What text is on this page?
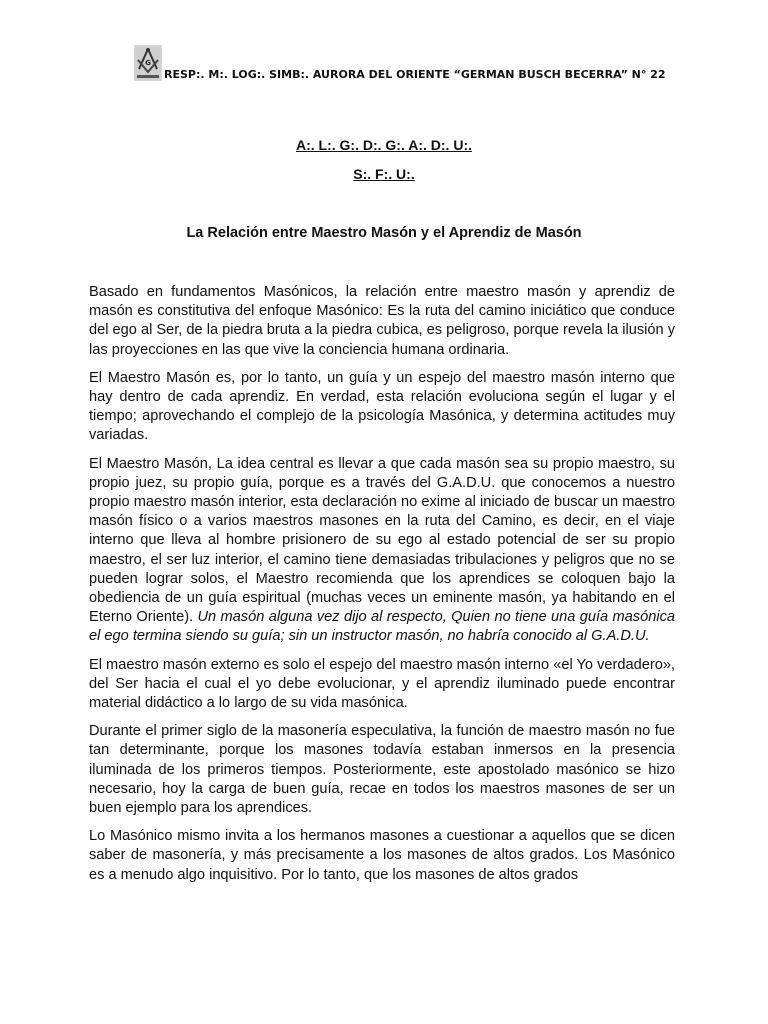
G
RESP:. M:. LOG:. SIMB:. AURORA DEL ORIENTE “GERMAN BUSCH BECERRA” N° 22
A:. L:. G:. D:. G:. A:. D:. U:.
S:. F:. U:.
La Relación entre Maestro Masón y el Aprendiz de Masón

Basado en fundamentos Masónicos, la relación entre maestro masón y aprendiz de masón es constitutiva del enfoque Masónico: Es la ruta del camino iniciático que conduce del ego al Ser, de la piedra bruta a la piedra cubica, es peligroso, porque revela la ilusión y las proyecciones en las que vive la conciencia humana ordinaria.

El Maestro Masón es, por lo tanto, un guía y un espejo del maestro masón interno que hay dentro de cada aprendiz. En verdad, esta relación evoluciona según el lugar y el tiempo; aprovechando el complejo de la psicología Masónica, y determina actitudes muy variadas.

El Maestro Masón, La idea central es llevar a que cada masón sea su propio maestro, su propio juez, su propio guía, porque es a través del G.A.D.U. que conocemos a nuestro propio maestro masón interior, esta declaración no exime al iniciado de buscar un maestro masón físico o a varios maestros masones en la ruta del Camino, es decir, en el viaje interno que lleva al hombre prisionero de su ego al estado potencial de ser su propio maestro, el ser luz interior, el camino tiene demasiadas tribulaciones y peligros que no se pueden lograr solos, el Maestro recomienda que los aprendices se coloquen bajo la obediencia de un guía espiritual (muchas veces un eminente masón, ya habitando en el Eterno Oriente). Un masón alguna vez dijo al respecto, Quien no tiene una guía masónica el ego termina siendo su guía; sin un instructor masón, no habría conocido al G.A.D.U.

El maestro masón externo es solo el espejo del maestro masón interno «el Yo verdadero», del Ser hacia el cual el yo debe evolucionar, y el aprendiz iluminado puede encontrar material didáctico a lo largo de su vida masónica.

Durante el primer siglo de la masonería especulativa, la función de maestro masón no fue tan determinante, porque los masones todavía estaban inmersos en la presencia iluminada de los primeros tiempos. Posteriormente, este apostolado masónico se hizo necesario, hoy la carga de buen guía, recae en todos los maestros masones de ser un buen ejemplo para los aprendices.

Lo Masónico mismo invita a los hermanos masones a cuestionar a aquellos que se dicen saber de masonería, y más precisamente a los masones de altos grados. Los Masónico es a menudo algo inquisitivo. Por lo tanto, que los masones de altos grados
